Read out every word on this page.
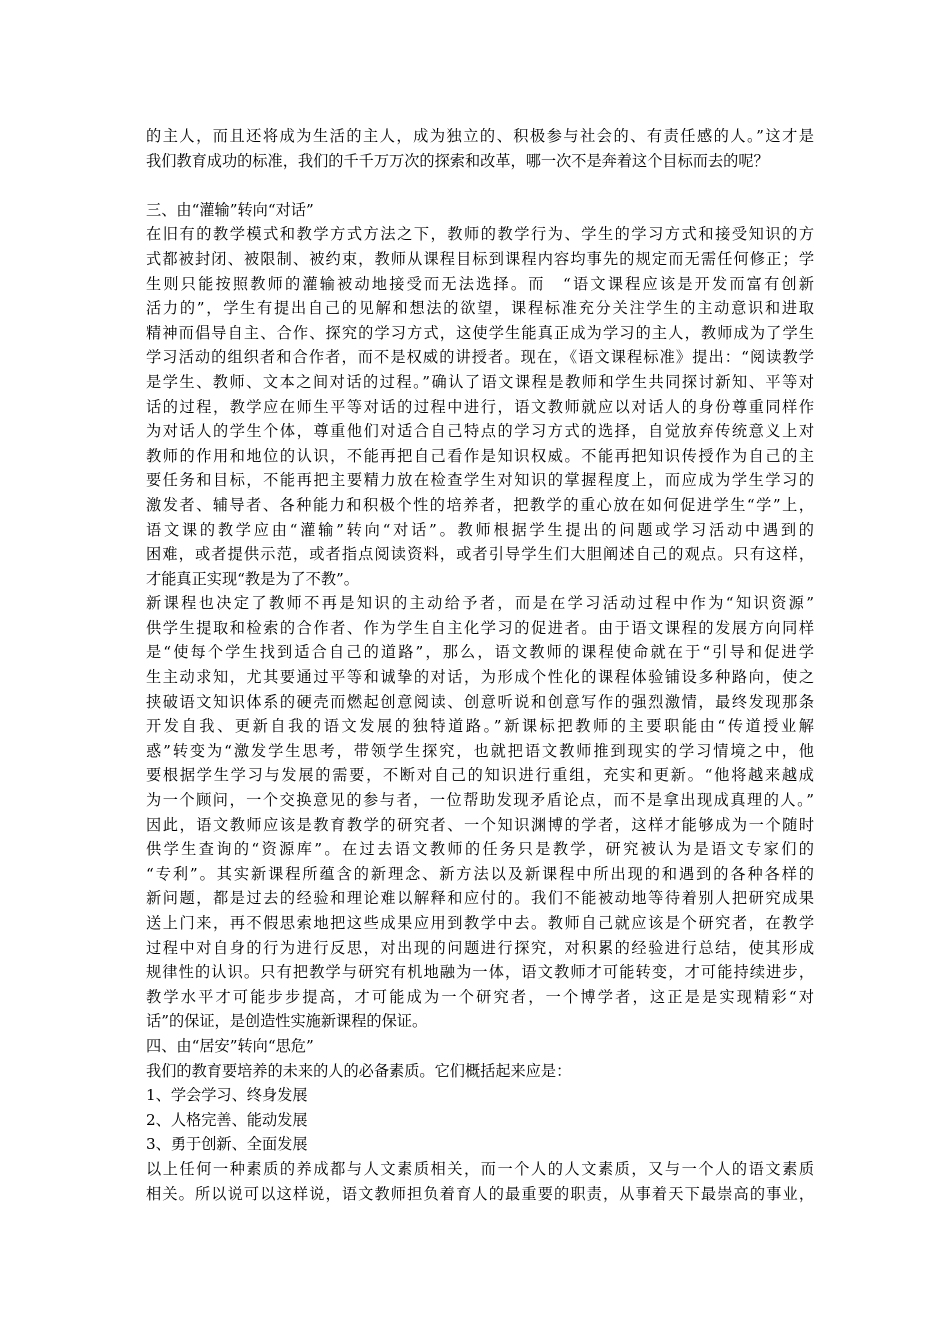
的主人，而且还将成为生活的主人，成为独立的、积极参与社会的、有责任感的人。”这才是
我们教育成功的标准，我们的千千万万次的探索和改革，哪一次不是奔着这个目标而去的呢？
三、由“灌输”转向“对话”
在旧有的教学模式和教学方式方法之下，教师的教学行为、学生的学习方式和接受知识的方
式都被封闭、被限制、被约束，教师从课程目标到课程内容均事先的规定而无需任何修正；学
生则只能按照教师的灌输被动地接受而无法选择。而　“语文课程应该是开发而富有创新
活力的”，学生有提出自己的见解和想法的欲望，课程标准充分关注学生的主动意识和进取
精神而倡导自主、合作、探究的学习方式，这使学生能真正成为学习的主人，教师成为了学生
学习活动的组织者和合作者，而不是权威的讲授者。现在，《语文课程标准》提出：“阅读教学
是学生、教师、文本之间对话的过程。”确认了语文课程是教师和学生共同探讨新知、平等对
话的过程，教学应在师生平等对话的过程中进行，语文教师就应以对话人的身份尊重同样作
为对话人的学生个体，尊重他们对适合自己特点的学习方式的选择，自觉放弃传统意义上对
教师的作用和地位的认识，不能再把自己看作是知识权威。不能再把知识传授作为自己的主
要任务和目标，不能再把主要精力放在检查学生对知识的掌握程度上，而应成为学生学习的
激发者、辅导者、各种能力和积极个性的培养者，把教学的重心放在如何促进学生“学”上，
语文课的教学应由“灌输”转向“对话”。教师根据学生提出的问题或学习活动中遇到的
困难，或者提供示范，或者指点阅读资料，或者引导学生们大胆阐述自己的观点。只有这样，
才能真正实现“教是为了不教”。
新课程也决定了教师不再是知识的主动给予者，而是在学习活动过程中作为“知识资源”
供学生提取和检索的合作者、作为学生自主化学习的促进者。由于语文课程的发展方向同样
是“使每个学生找到适合自己的道路”，那么，语文教师的课程使命就在于“引导和促进学
生主动求知，尤其要通过平等和诚挚的对话，为形成个性化的课程体验铺设多种路向，使之
挟破语文知识体系的硬壳而燃起创意阅读、创意听说和创意写作的强烈激情，最终发现那条
开发自我、更新自我的语文发展的独特道路。”新课标把教师的主要职能由“传道授业解
惑”转变为“激发学生思考，带领学生探究，也就把语文教师推到现实的学习情境之中，他
要根据学生学习与发展的需要，不断对自己的知识进行重组，充实和更新。“他将越来越成
为一个顾问，一个交换意见的参与者，一位帮助发现矛盾论点，而不是拿出现成真理的人。”
因此，语文教师应该是教育教学的研究者、一个知识渊博的学者，这样才能够成为一个随时
供学生查询的“资源库”。在过去语文教师的任务只是教学，研究被认为是语文专家们的
“专利”。其实新课程所蕴含的新理念、新方法以及新课程中所出现的和遇到的各种各样的
新问题，都是过去的经验和理论难以解释和应付的。我们不能被动地等待着别人把研究成果
送上门来，再不假思索地把这些成果应用到教学中去。教师自己就应该是个研究者，在教学
过程中对自身的行为进行反思，对出现的问题进行探究，对积累的经验进行总结，使其形成
规律性的认识。只有把教学与研究有机地融为一体，语文教师才可能转变，才可能持续进步，
教学水平才可能步步提高，才可能成为一个研究者，一个博学者，这正是是实现精彩“对
话”的保证，是创造性实施新课程的保证。
四、由“居安”转向“思危”
我们的教育要培养的未来的人的必备素质。它们概括起来应是：
1、学会学习、终身发展
2、人格完善、能动发展
3、勇于创新、全面发展
以上任何一种素质的养成都与人文素质相关，而一个人的人文素质，又与一个人的语文素质
相关。所以说可以这样说，语文教师担负着育人的最重要的职责，从事着天下最崇高的事业，
